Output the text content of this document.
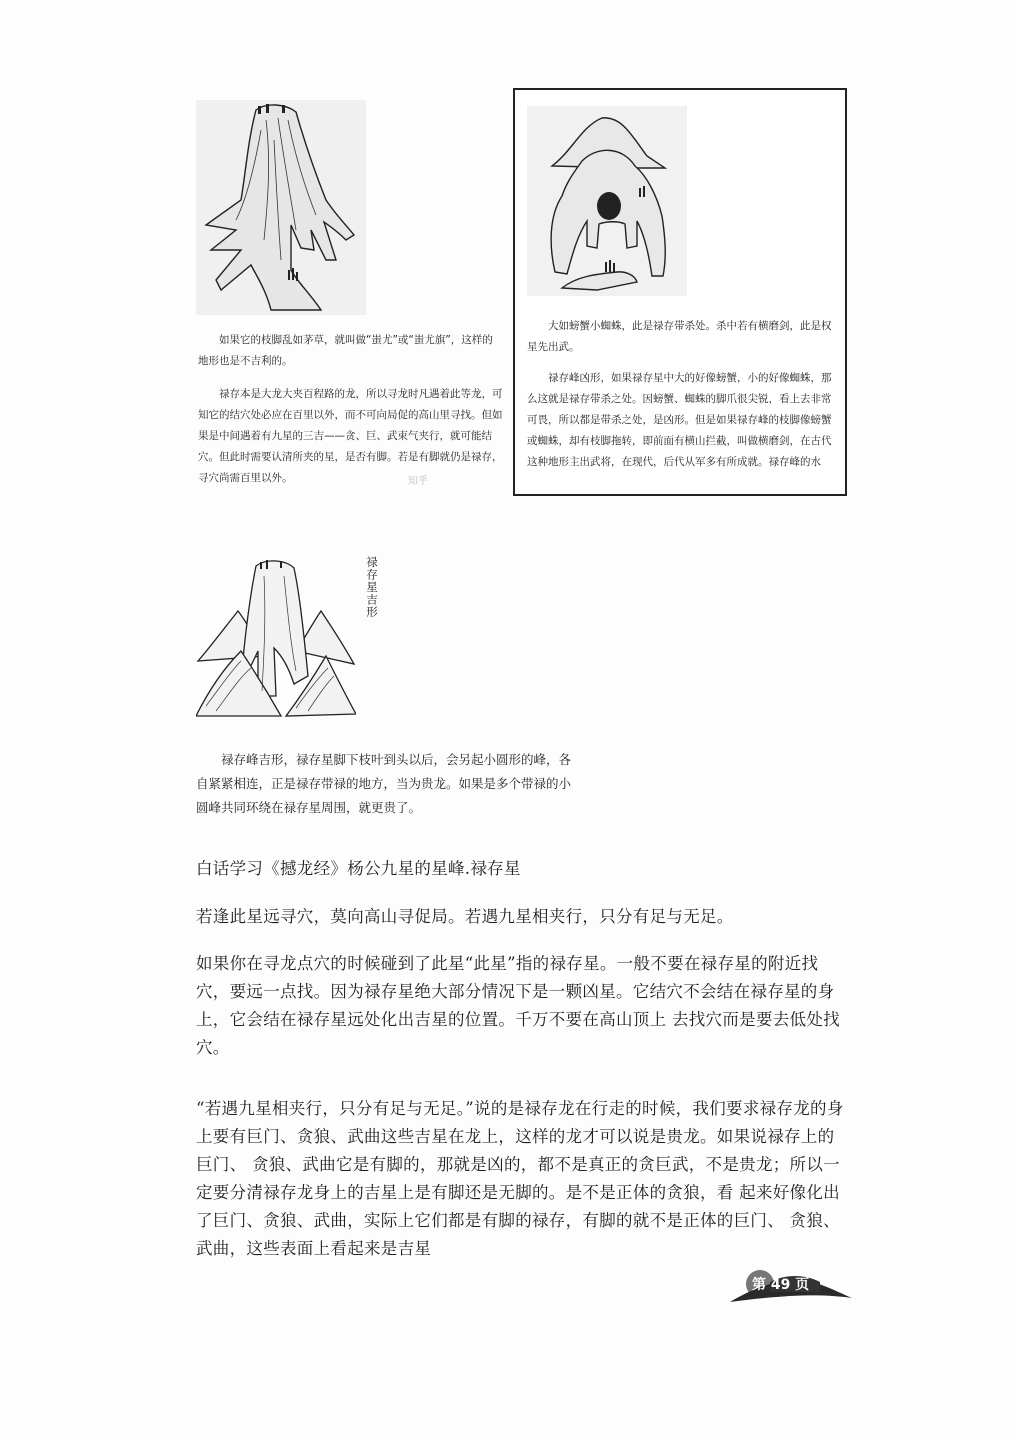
如果它的枝脚乱如茅草，就叫做“蚩尤”或“蚩尤旗”，这样的地形也是不吉利的。

禄存本是大龙大夹百程路的龙，所以寻龙时凡遇着此等龙，可知它的结穴处必应在百里以外，而不可向局促的高山里寻找。但如果是中间遇着有九星的三吉——贪、巨、武束气夹行，就可能结穴。但此时需要认清所夹的星，是否有脚。若是有脚就仍是禄存，寻穴尚需百里以外。	知乎

大如螃蟹小蜘蛛，此是禄存带杀处。杀中若有横磨剑，此是权星先出武。

禄存峰凶形，如果禄存星中大的好像螃蟹，小的好像蜘蛛，那么这就是禄存带杀之处。因螃蟹、蜘蛛的脚爪很尖锐，看上去非常可畏，所以都是带杀之处，是凶形。但是如果禄存峰的枝脚像螃蟹或蜘蛛，却有枝脚拖转，即前面有横山拦截，叫做横磨剑，在古代这种地形主出武将，在现代，后代从军多有所成就。禄存峰的水

禄存星吉形

禄存峰吉形，禄存星脚下枝叶到头以后，会另起小圆形的峰，各自紧紧相连，正是禄存带禄的地方，当为贵龙。如果是多个带禄的小圆峰共同环绕在禄存星周围，就更贵了。

白话学习《撼龙经》杨公九星的星峰.禄存星

若逢此星远寻穴，莫向高山寻促局。若遇九星相夹行，只分有足与无足。

如果你在寻龙点穴的时候碰到了此星“此星”指的禄存星。一般不要在禄存星的附近找穴，要远一点找。因为禄存星绝大部分情况下是一颗凶星。它结穴不会结在禄存星的身上，它会结在禄存星远处化出吉星的位置。千万不要在高山顶上 去找穴而是要去低处找穴。

“若遇九星相夹行，只分有足与无足。”说的是禄存龙在行走的时候，我们要求禄存龙的身 上要有巨门、贪狼、武曲这些吉星在龙上，这样的龙才可以说是贵龙。如果说禄存上的巨门、 贪狼、武曲它是有脚的，那就是凶的，都不是真正的贪巨武，不是贵龙；所以一定要分清禄存龙身上的吉星上是有脚还是无脚的。是不是正体的贪狼，看 起来好像化出了巨门、贪狼、武曲，实际上它们都是有脚的禄存，有脚的就不是正体的巨门、 贪狼、武曲，这些表面上看起来是吉星

第 49 页
